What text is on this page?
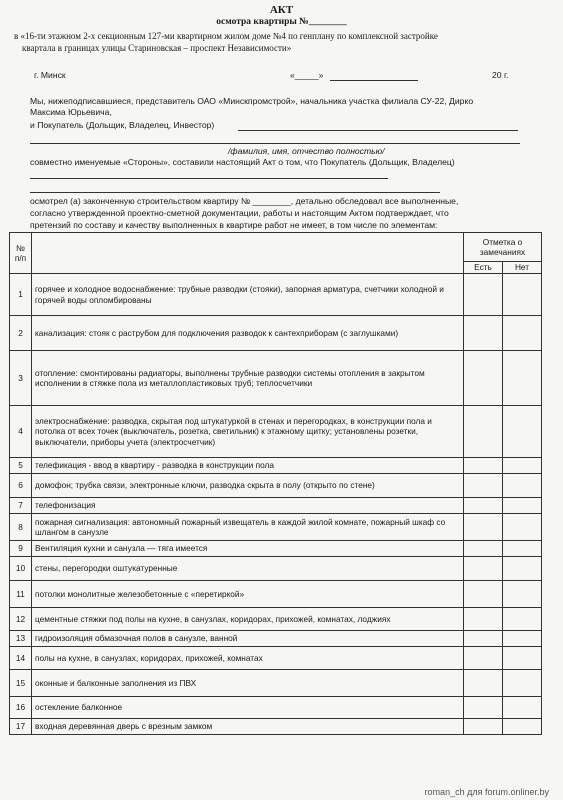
АКТ
осмотра квартиры №________
в «16-ти этажном 2-х секционным 127-ми квартирном жилом доме №4 по генплану по комплексной застройке
квартала в границах улицы Стариновская – проспект Независимости»
г. Минск	«_____»	20 г.
Мы, нижеподписавшиеся, представитель ОАО «Минскпромстрой», начальника участка филиала СУ-22, Дирко
Максима Юрьевича,
и Покупатель (Дольщик, Владелец, Инвестор)
/фамилия, имя, отчество полностью/
совместно именуемые «Стороны», составили настоящий Акт о том, что Покупатель (Дольщик, Владелец)
осмотрел (а) законченную строительством квартиру № ________, детально обследовал все выполненные,
согласно утвержденной проектно-сметной документации, работы и настоящим Актом подтверждает, что
претензий по составу и качеству выполненных в квартире работ не имеет, в том числе по элементам:
№ п/п		Отметка о замечаниях	
		Есть	Нет
1	горячее и холодное водоснабжение: трубные разводки (стояки), запорная арматура, счетчики холодной и горячей воды опломбированы		
2	канализация: стояк с раструбом для подключения разводок к сантехприборам (с заглушками)		
3	отопление: смонтированы радиаторы, выполнены трубные разводки системы отопления в закрытом исполнении в стяжке пола из металлопластиковых труб; теплосчетчики		
4	электроснабжение: разводка, скрытая под штукатуркой в стенах и перегородках, в конструкции пола и потолка от всех точек (выключатель, розетка, светильник) к этажному щитку; установлены розетки, выключатели, приборы учета (электросчетчик)		
5	телефикация - ввод в квартиру - разводка в конструкции пола		
6	домофон; трубка связи, электронные ключи, разводка скрыта в полу (открыто по стене)		
7	телефонизация		
8	пожарная сигнализация: автономный пожарный извещатель в каждой жилой комнате, пожарный шкаф со шлангом в санузле		
9	Вентиляция кухни и санузла — тяга имеется		
10	стены, перегородки оштукатуренные		
11	потолки монолитные железобетонные с «перетиркой»		
12	цементные стяжки под полы на кухне, в санузлах, коридорах, прихожей, комнатах, лоджиях		
13	гидроизоляция обмазочная полов в санузле, ванной		
14	полы на кухне, в санузлах, коридорах, прихожей, комнатах		
15	оконные и балконные заполнения из ПВХ		
16	остекление балконное		
17	входная деревянная дверь с врезным замком		
roman_ch для forum.onliner.by
